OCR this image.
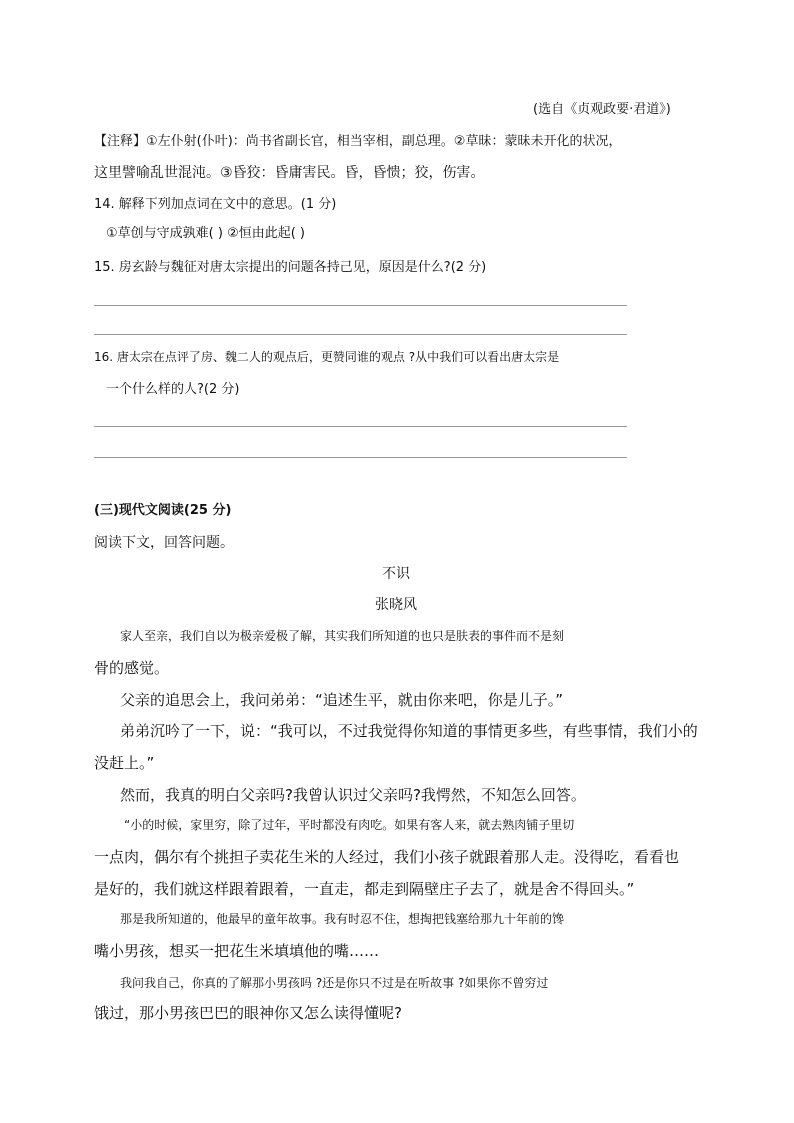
(选自《贞观政要·君道》)
【注释】①左仆射(仆叶)：尚书省副长官，相当宰相，副总理。②草昧：蒙昧未开化的状况，
这里譬喻乱世混沌。③昏狡：昏庸害民。昏，昏愦；狡，伤害。
14. 解释下列加点词在文中的意思。(1 分)
①草创与守成孰难( ) ②恒由此起( )
15. 房玄龄与魏征对唐太宗提出的问题各持己见，原因是什么?(2 分)
16. 唐太宗在点评了房、魏二人的观点后，更赞同谁的观点 ?从中我们可以看出唐太宗是
一个什么样的人?(2 分)
(三)现代文阅读(25 分)
阅读下文，回答问题。
不识
张晓风
家人至亲，我们自以为极亲爱极了解，其实我们所知道的也只是肤表的事件而不是刻
骨的感觉。
父亲的追思会上，我问弟弟：“追述生平，就由你来吧，你是儿子。”
弟弟沉吟了一下，说：“我可以，不过我觉得你知道的事情更多些，有些事情，我们小的
没赶上。”
然而，我真的明白父亲吗?我曾认识过父亲吗?我愕然，不知怎么回答。
“小的时候，家里穷，除了过年，平时都没有肉吃。如果有客人来，就去熟肉铺子里切
一点肉，偶尔有个挑担子卖花生米的人经过，我们小孩子就跟着那人走。没得吃，看看也
是好的，我们就这样跟着跟着，一直走，都走到隔壁庄子去了，就是舍不得回头。”
那是我所知道的，他最早的童年故事。我有时忍不住，想掏把钱塞给那九十年前的馋
嘴小男孩，想买一把花生米填填他的嘴……
我问我自己，你真的了解那小男孩吗 ?还是你只不过是在听故事 ?如果你不曾穷过
饿过，那小男孩巴巴的眼神你又怎么读得懂呢?
